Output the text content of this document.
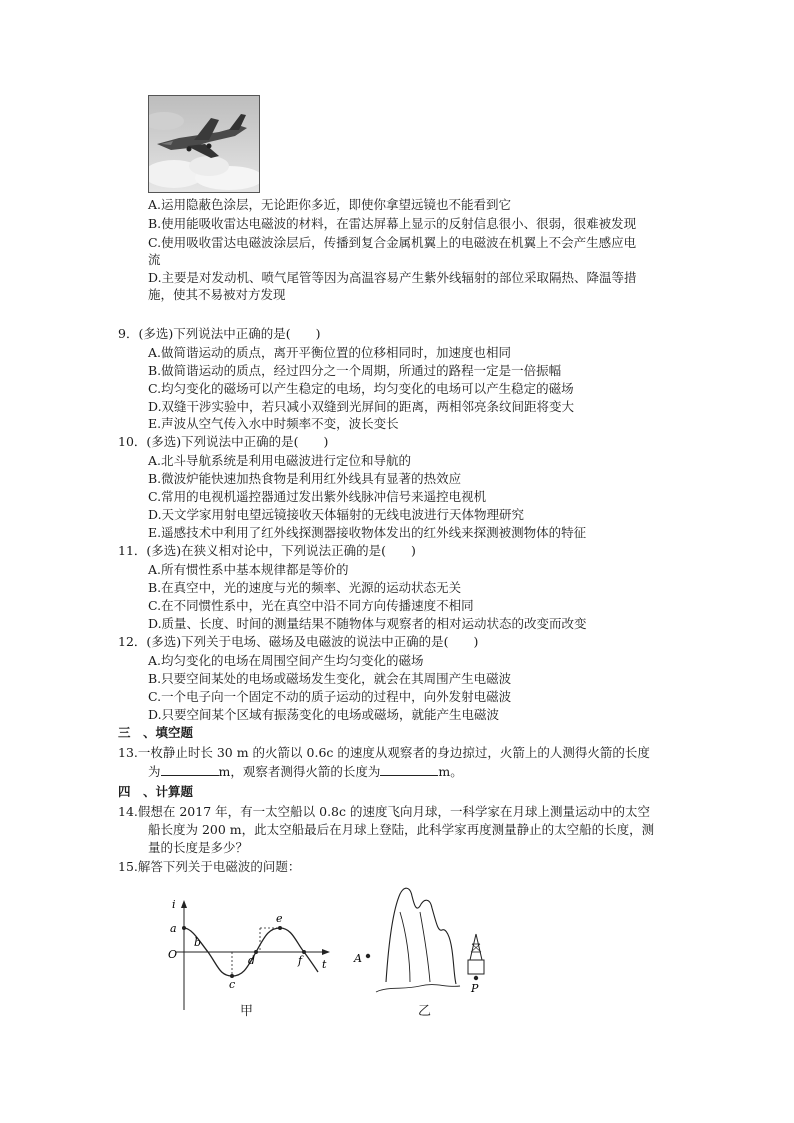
A.运用隐蔽色涂层，无论距你多近，即使你拿望远镜也不能看到它
B.使用能吸收雷达电磁波的材料，在雷达屏幕上显示的反射信息很小、很弱，很难被发现
C.使用吸收雷达电磁波涂层后，传播到复合金属机翼上的电磁波在机翼上不会产生感应电
流
D.主要是对发动机、喷气尾管等因为高温容易产生紫外线辐射的部位采取隔热、降温等措
施，使其不易被对方发现
9．(多选)下列说法中正确的是(　　)
A.做简谐运动的质点，离开平衡位置的位移相同时，加速度也相同
B.做简谐运动的质点，经过四分之一个周期，所通过的路程一定是一倍振幅
C.均匀变化的磁场可以产生稳定的电场，均匀变化的电场可以产生稳定的磁场
D.双缝干涉实验中，若只减小双缝到光屏间的距离，两相邻亮条纹间距将变大
E.声波从空气传入水中时频率不变，波长变长
10．(多选)下列说法中正确的是(　　)
A.北斗导航系统是利用电磁波进行定位和导航的
B.微波炉能快速加热食物是利用红外线具有显著的热效应
C.常用的电视机遥控器通过发出紫外线脉冲信号来遥控电视机
D.天文学家用射电望远镜接收天体辐射的无线电波进行天体物理研究
E.遥感技术中利用了红外线探测器接收物体发出的红外线来探测被测物体的特征
11．(多选)在狭义相对论中，下列说法正确的是(　　)
A.所有惯性系中基本规律都是等价的
B.在真空中，光的速度与光的频率、光源的运动状态无关
C.在不同惯性系中，光在真空中沿不同方向传播速度不相同
D.质量、长度、时间的测量结果不随物体与观察者的相对运动状态的改变而改变
12．(多选)下列关于电场、磁场及电磁波的说法中正确的是(　　)
A.均匀变化的电场在周围空间产生均匀变化的磁场
B.只要空间某处的电场或磁场发生变化，就会在其周围产生电磁波
C.一个电子向一个固定不动的质子运动的过程中，向外发射电磁波
D.只要空间某个区域有振荡变化的电场或磁场，就能产生电磁波
三　、填空题
13.一枚静止时长 30 m 的火箭以 0.6c 的速度从观察者的身边掠过，火箭上的人测得火箭的长度
为	m，观察者测得火箭的长度为	m。
四　、计算题
14.假想在 2017 年，有一太空船以 0.8c 的速度飞向月球，一科学家在月球上测量运动中的太空
船长度为 200 m，此太空船最后在月球上登陆，此科学家再度测量静止的太空船的长度，测
量的长度是多少？
15.解答下列关于电磁波的问题：
i
t
O
a
b
c
d
e
f	A
P
甲	乙
